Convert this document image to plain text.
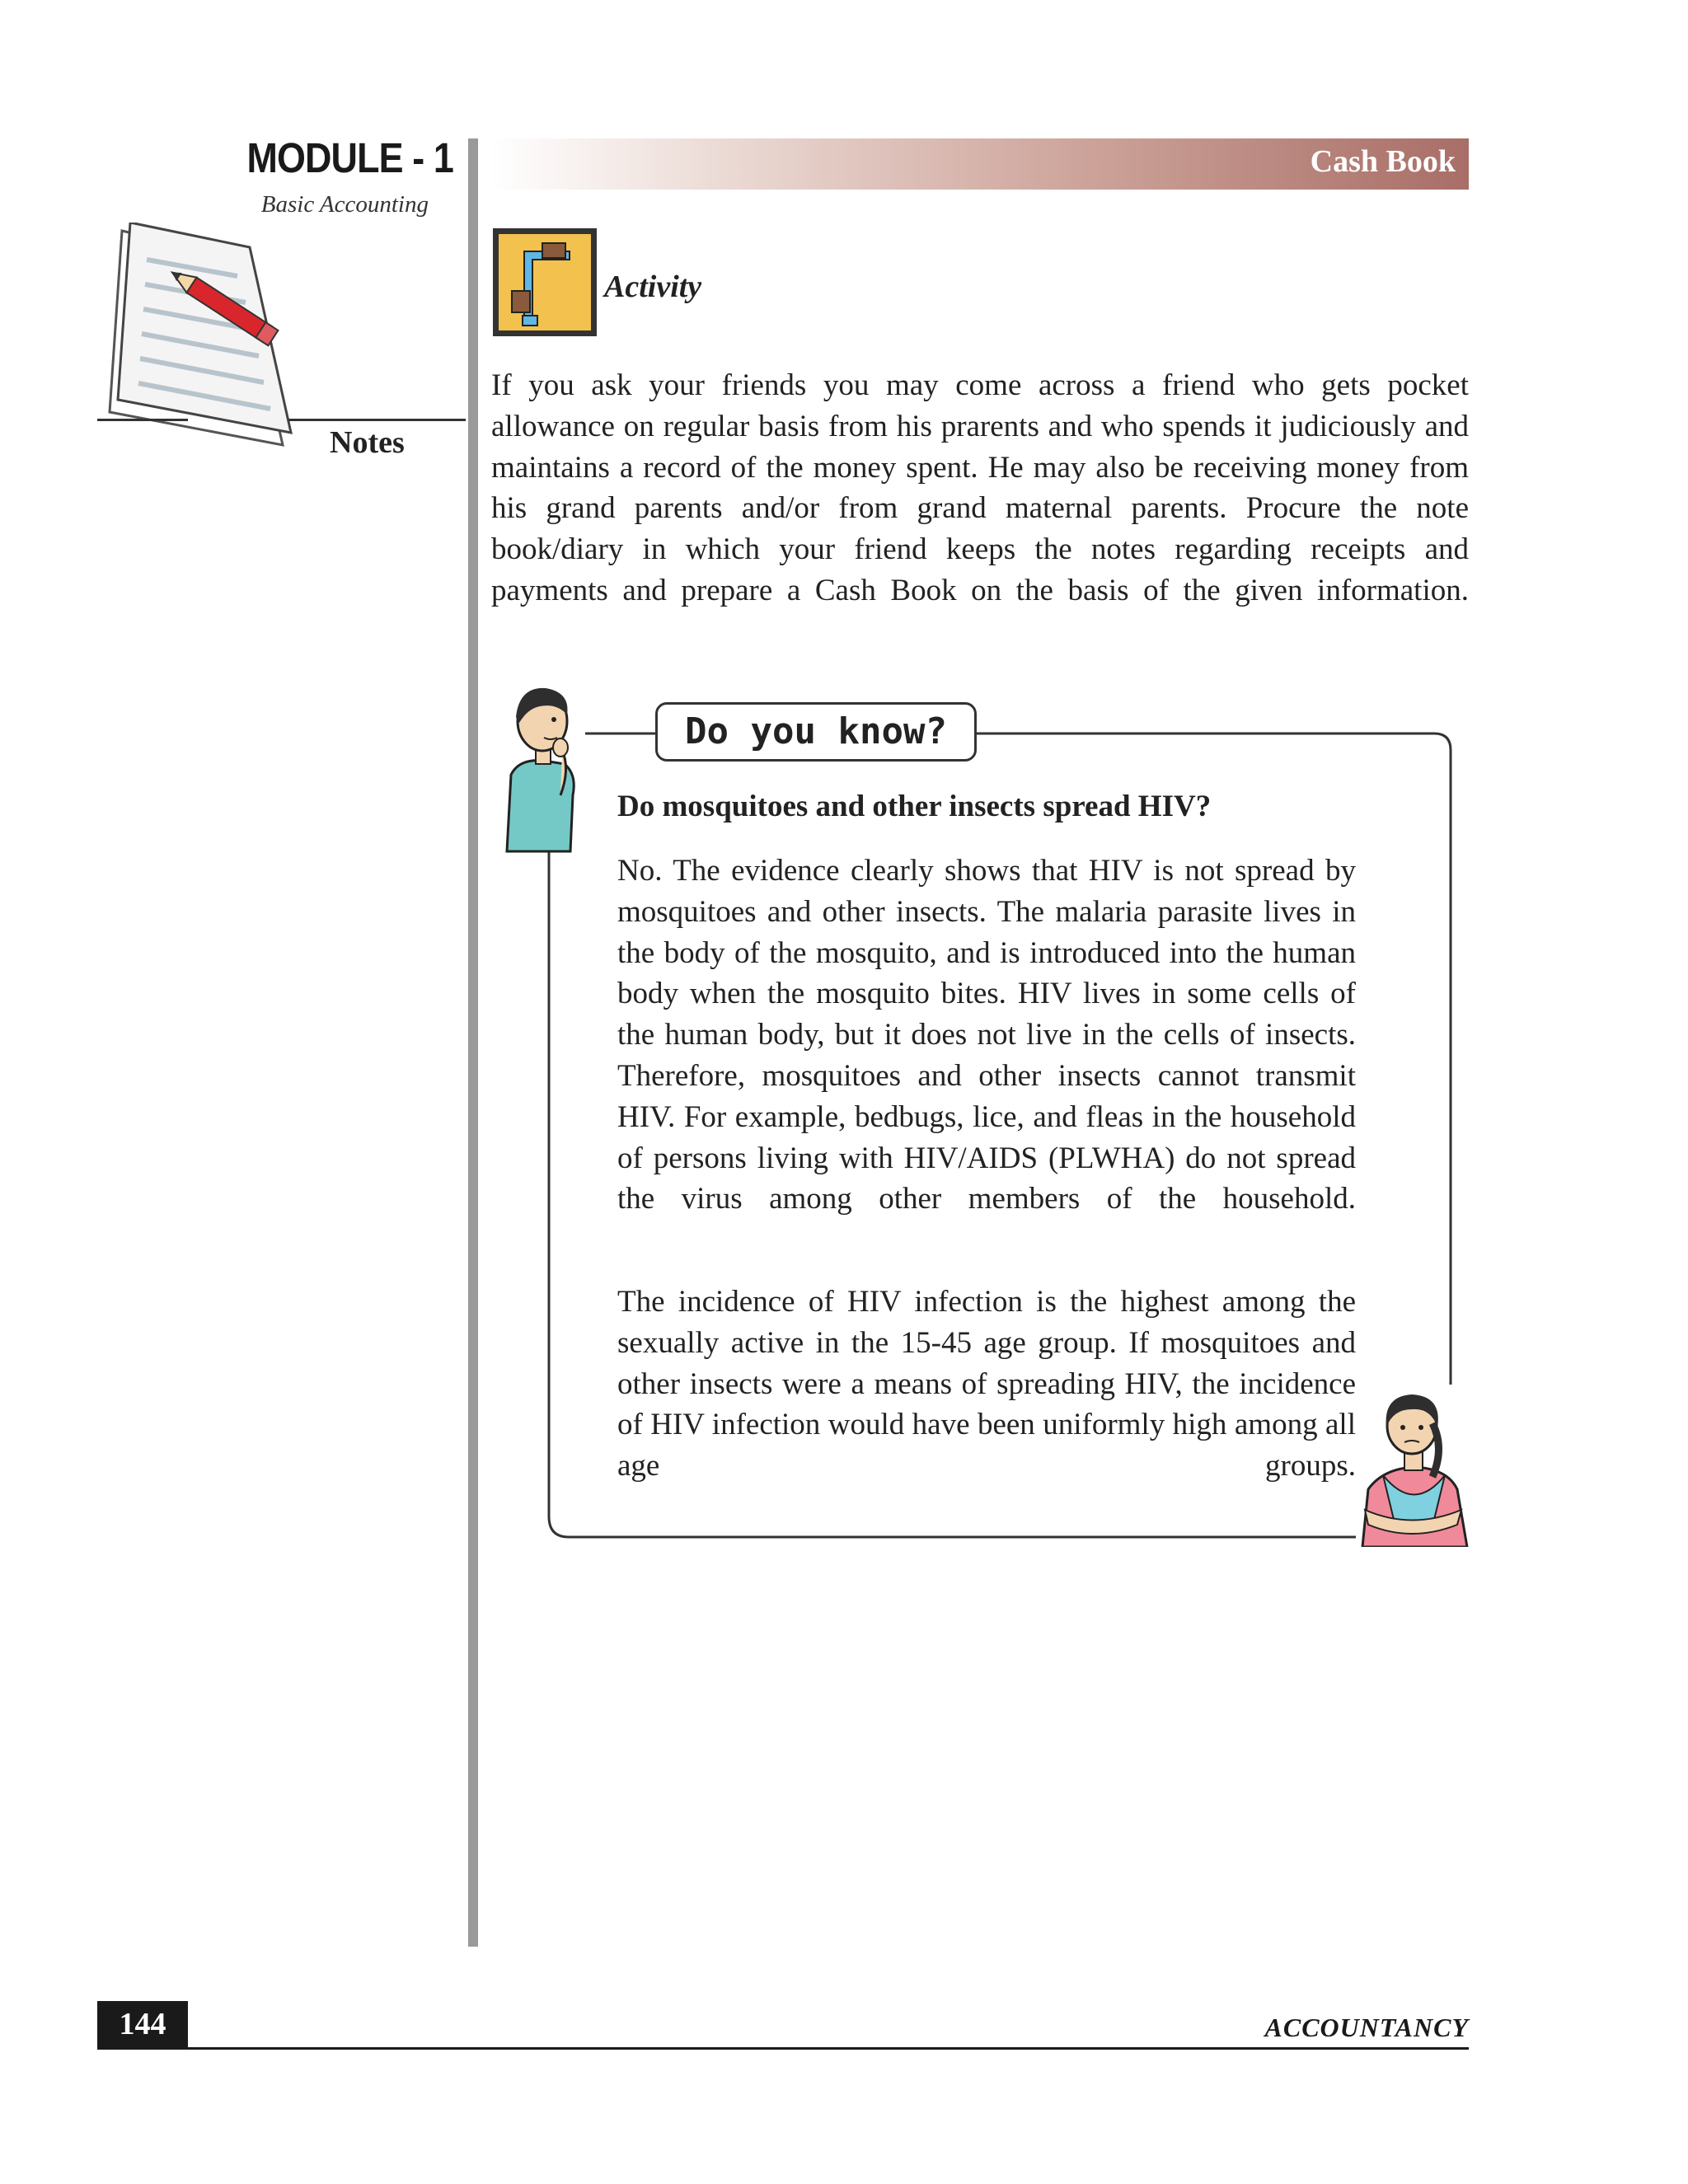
MODULE - 1
Basic Accounting
Notes
Cash Book
Activity
If you ask your friends you may come across a friend who gets pocket allowance on regular basis from his prarents and who spends it judiciously and maintains a record of the money spent. He may also be receiving money from his grand parents and/or from grand maternal parents. Procure the note book/diary in which your friend keeps the notes regarding receipts and payments and prepare a Cash Book on the basis of the given information.
Do you know?
Do mosquitoes and other insects spread HIV?
No. The evidence clearly shows that HIV is not spread by mosquitoes and other insects. The malaria parasite lives in the body of the mosquito, and is introduced into the human body when the mosquito bites. HIV lives in some cells of the human body, but it does not live in the cells of insects. Therefore, mosquitoes and other insects cannot transmit HIV. For example, bedbugs, lice, and fleas in the household of persons living with HIV/AIDS (PLWHA) do not spread the virus among other members of the household.
The incidence of HIV infection is the highest among the sexually active in the 15-45 age group. If mosquitoes and other insects were a means of spreading HIV, the incidence of HIV infection would have been uniformly high among all age groups.
144	ACCOUNTANCY
